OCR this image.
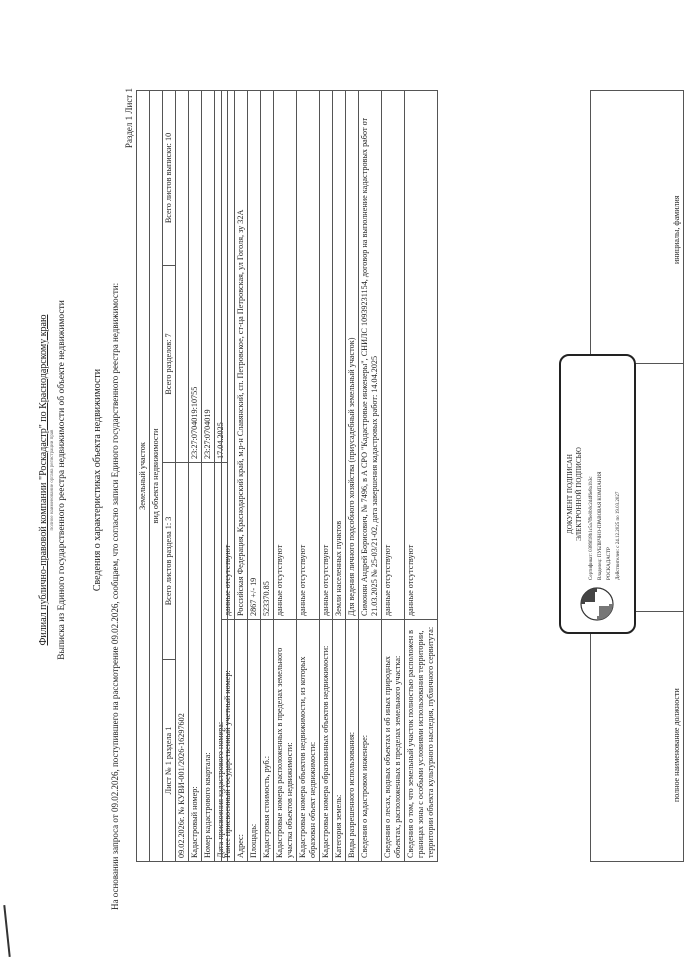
Филиал публично-правовой компании "Роскадастр" по Краснодарскому краю полное наименование органа регистрации прав Выписка из Единого государственного реестра недвижимости об объекте недвижимости	Сведения о характеристиках объекта недвижимости На основании запроса от 09.02.2026, поступившего на рассмотрение 09.02.2026, сообщаем, что согласно записи Единого государственного реестра недвижимости:
Раздел 1 Лист 1
Земельный участок вид объекта недвижимости			

Лист № 1 раздела 1	Всего листов раздела 1: 3	Всего разделов: 7	Всего листов выписки: 10
09.02.2026г. № КУВИ-001/2026-16297602			
Кадастровый номер:		23:27:0704019:10755	
Номер кадастрового квартала:		23:27:0704019	
Дата присвоения кадастрового номера:		17.04.2025	
Ранее присвоенный государственный учетный номер:	данные отсутствуют
Адрес:	Российская Федерация, Краснодарский край, м.р-н Славянский, сп. Петровское, ст-ца Петровская, ул Гоголя, зу 32А
Площадь:	2867 +/- 19
Кадастровая стоимость, руб.:	523370.85
Кадастровые номера расположенных в пределах земельного участка объектов недвижимости:	данные отсутствуют
Кадастровые номера объектов недвижимости, из которых образован объект недвижимости:	данные отсутствуют
Кадастровые номера образованных объектов недвижимости:	данные отсутствуют
Категория земель:	Земли населенных пунктов
Виды разрешенного использования:	Для ведения личного подсобного хозяйства (приусадебный земельный участок)
Сведения о кадастровом инженере:	Симонян Андрей Борисович, № 7496, в А СРО "Кадастровые инженеры", СНИЛС 10939231154, договор на выполнение кадастровых работ от 21.03.2025 № 25-03/21-02, дата завершения кадастровых работ: 14.04.2025
Сведения о лесах, водных объектах и об иных природных объектах, расположенных в пределах земельного участка:	данные отсутствуют
Сведения о том, что земельный участок полностью расположен в границах зоны с особыми условиями использования территории, территории объекта культурного наследия, публичного сервитута:	данные отсутствуют
полное наименование должности
инициалы, фамилия
ДОКУМЕНТ ПОДПИСАН ЭЛЕКТРОННОЙ ПОДПИСЬЮ Сертификат: 0389f18b1c5a7f9e0b0c2d4f6e8a1b3c Владелец: ПУБЛИЧНО-ПРАВОВАЯ КОМПАНИЯ РОСКАДАСТР Действителен: с 24.12.2025 по 19.03.2027
